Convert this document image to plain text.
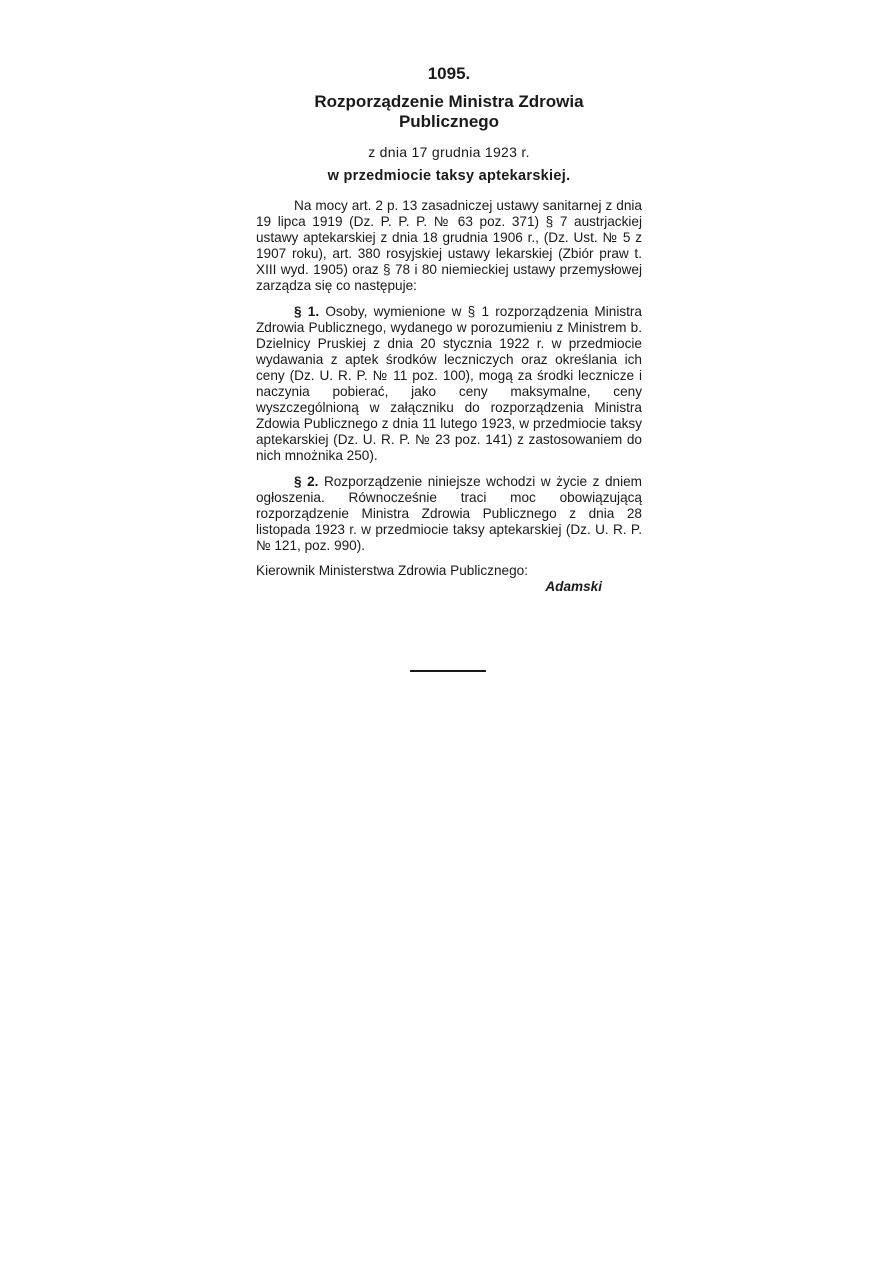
1095.
Rozporządzenie Ministra Zdrowia
Publicznego
z dnia 17 grudnia 1923 r.
w przedmiocie taksy aptekarskiej.

Na mocy art. 2 p. 13 zasadniczej ustawy sanitarnej z dnia 19 lipca 1919 (Dz. P. P. P. № 63 poz. 371) § 7 austrjackiej ustawy aptekarskiej z dnia 18 grudnia 1906 r., (Dz. Ust. № 5 z 1907 roku), art. 380 rosyjskiej ustawy lekarskiej (Zbiór praw t. XIII wyd. 1905) oraz § 78 i 80 niemieckiej ustawy przemysłowej zarządza się co następuje:

§ 1. Osoby, wymienione w § 1 rozporządzenia Ministra Zdrowia Publicznego, wydanego w porozumieniu z Ministrem b. Dzielnicy Pruskiej z dnia 20 stycznia 1922 r. w przedmiocie wydawania z aptek środków leczniczych oraz określania ich ceny (Dz. U. R. P. № 11 poz. 100), mogą za środki lecznicze i naczynia pobierać, jako ceny maksymalne, ceny wyszczególnioną w załączniku do rozporządzenia Ministra Zdowia Publicznego z dnia 11 lutego 1923, w przedmiocie taksy aptekarskiej (Dz. U. R. P. № 23 poz. 141) z zastosowaniem do nich mnożnika 250).

§ 2. Rozporządzenie niniejsze wchodzi w życie z dniem ogłoszenia. Równocześnie traci moc obowiązującą rozporządzenie Ministra Zdrowia Publicznego z dnia 28 listopada 1923 r. w przedmiocie taksy aptekarskiej (Dz. U. R. P. № 121, poz. 990).

Kierownik Ministerstwa Zdrowia Publicznego:
Adamski
